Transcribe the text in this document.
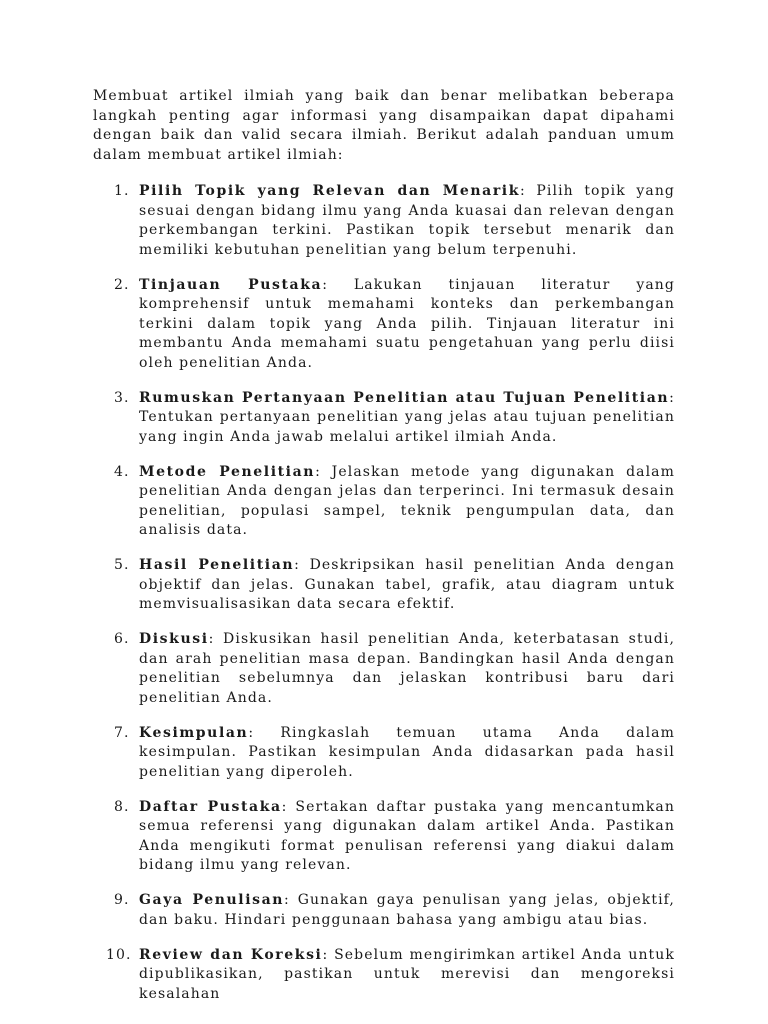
Membuat artikel ilmiah yang baik dan benar melibatkan beberapa langkah penting agar informasi yang disampaikan dapat dipahami dengan baik dan valid secara ilmiah. Berikut adalah panduan umum dalam membuat artikel ilmiah:

1. Pilih Topik yang Relevan dan Menarik: Pilih topik yang sesuai dengan bidang ilmu yang Anda kuasai dan relevan dengan perkembangan terkini. Pastikan topik tersebut menarik dan memiliki kebutuhan penelitian yang belum terpenuhi.
2. Tinjauan Pustaka: Lakukan tinjauan literatur yang komprehensif untuk memahami konteks dan perkembangan terkini dalam topik yang Anda pilih. Tinjauan literatur ini membantu Anda memahami suatu pengetahuan yang perlu diisi oleh penelitian Anda.
3. Rumuskan Pertanyaan Penelitian atau Tujuan Penelitian: Tentukan pertanyaan penelitian yang jelas atau tujuan penelitian yang ingin Anda jawab melalui artikel ilmiah Anda.
4. Metode Penelitian: Jelaskan metode yang digunakan dalam penelitian Anda dengan jelas dan terperinci. Ini termasuk desain penelitian, populasi sampel, teknik pengumpulan data, dan analisis data.
5. Hasil Penelitian: Deskripsikan hasil penelitian Anda dengan objektif dan jelas. Gunakan tabel, grafik, atau diagram untuk memvisualisasikan data secara efektif.
6. Diskusi: Diskusikan hasil penelitian Anda, keterbatasan studi, dan arah penelitian masa depan. Bandingkan hasil Anda dengan penelitian sebelumnya dan jelaskan kontribusi baru dari penelitian Anda.
7. Kesimpulan: Ringkaslah temuan utama Anda dalam kesimpulan. Pastikan kesimpulan Anda didasarkan pada hasil penelitian yang diperoleh.
8. Daftar Pustaka: Sertakan daftar pustaka yang mencantumkan semua referensi yang digunakan dalam artikel Anda. Pastikan Anda mengikuti format penulisan referensi yang diakui dalam bidang ilmu yang relevan.
9. Gaya Penulisan: Gunakan gaya penulisan yang jelas, objektif, dan baku. Hindari penggunaan bahasa yang ambigu atau bias.
10. Review dan Koreksi: Sebelum mengirimkan artikel Anda untuk dipublikasikan, pastikan untuk merevisi dan mengoreksi kesalahan
